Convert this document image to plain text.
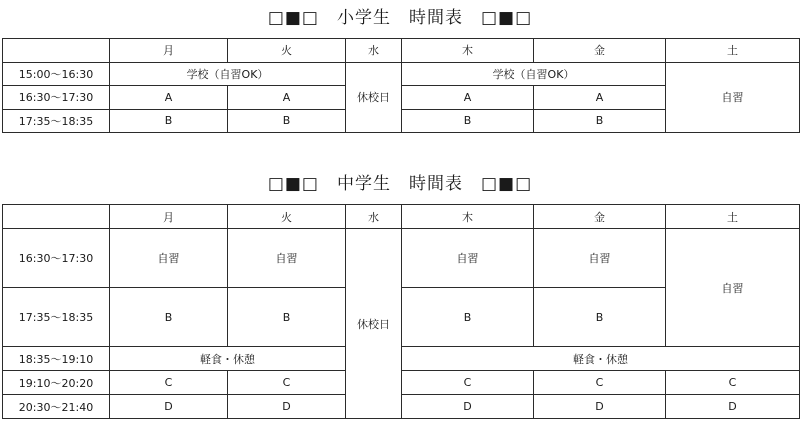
□■□　小学生　時間表　□■□
	月	火	水	木	金	土
15:00～16:30	学校（自習OK）		休校日	学校（自習OK）		自習
16:30～17:30	A	A		A	A	
17:35～18:35	B	B		B	B	
□■□　中学生　時間表　□■□
	月	火	水	木	金	土
16:30～17:30	自習	自習	休校日	自習	自習	自習
17:35～18:35	B	B		B	B	
18:35～19:10	軽食・休憩			軽食・休憩		
19:10～20:20	C	C		C	C	C
20:30～21:40	D	D		D	D	D
